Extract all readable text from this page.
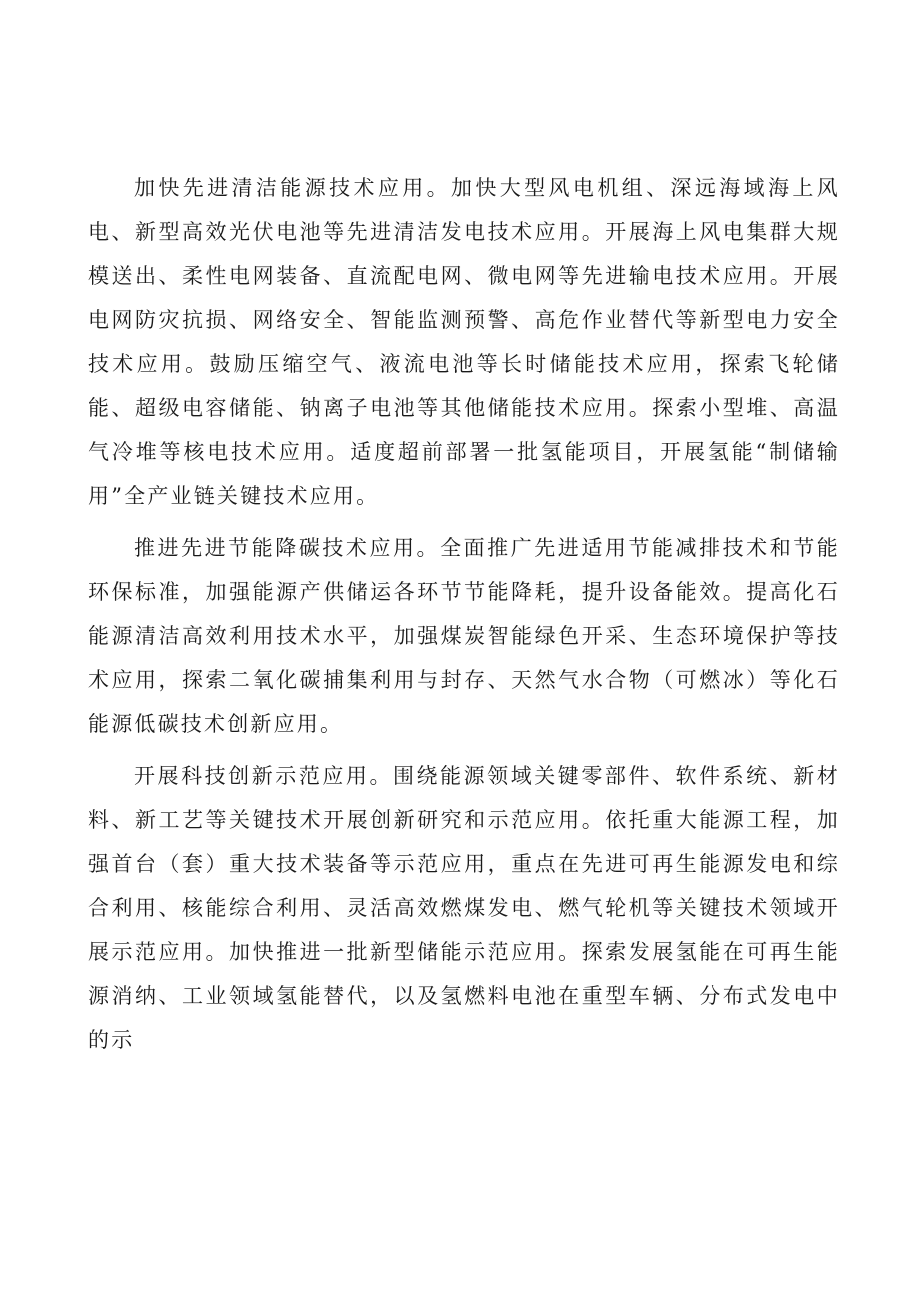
加快先进清洁能源技术应用。加快大型风电机组、深远海域海上风电、新型高效光伏电池等先进清洁发电技术应用。开展海上风电集群大规模送出、柔性电网装备、直流配电网、微电网等先进输电技术应用。开展电网防灾抗损、网络安全、智能监测预警、高危作业替代等新型电力安全技术应用。鼓励压缩空气、液流电池等长时储能技术应用，探索飞轮储能、超级电容储能、钠离子电池等其他储能技术应用。探索小型堆、高温气冷堆等核电技术应用。适度超前部署一批氢能项目，开展氢能“制储输用”全产业链关键技术应用。

推进先进节能降碳技术应用。全面推广先进适用节能减排技术和节能环保标准，加强能源产供储运各环节节能降耗，提升设备能效。提高化石能源清洁高效利用技术水平，加强煤炭智能绿色开采、生态环境保护等技术应用，探索二氧化碳捕集利用与封存、天然气水合物（可燃冰）等化石能源低碳技术创新应用。

开展科技创新示范应用。围绕能源领域关键零部件、软件系统、新材料、新工艺等关键技术开展创新研究和示范应用。依托重大能源工程，加强首台（套）重大技术装备等示范应用，重点在先进可再生能源发电和综合利用、核能综合利用、灵活高效燃煤发电、燃气轮机等关键技术领域开展示范应用。加快推进一批新型储能示范应用。探索发展氢能在可再生能源消纳、工业领域氢能替代，以及氢燃料电池在重型车辆、分布式发电中的示
